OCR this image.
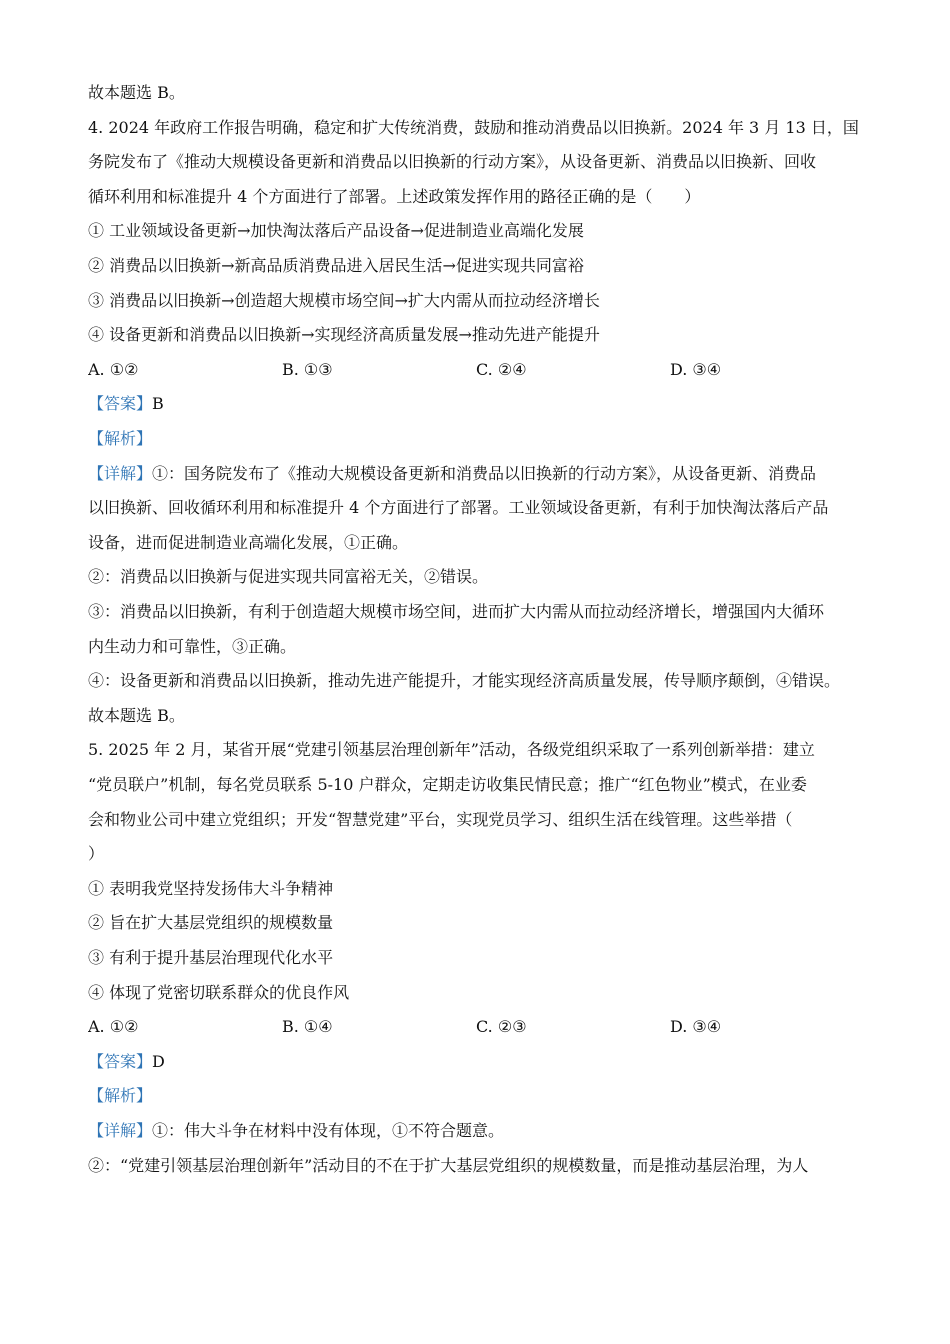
故本题选 B。
4. 2024 年政府工作报告明确，稳定和扩大传统消费，鼓励和推动消费品以旧换新。2024 年 3 月 13 日，国
务院发布了《推动大规模设备更新和消费品以旧换新的行动方案》，从设备更新、消费品以旧换新、回收
循环利用和标准提升 4 个方面进行了部署。上述政策发挥作用的路径正确的是（　　）
① 工业领域设备更新→加快淘汰落后产品设备→促进制造业高端化发展
② 消费品以旧换新→新高品质消费品进入居民生活→促进实现共同富裕
③ 消费品以旧换新→创造超大规模市场空间→扩大内需从而拉动经济增长
④ 设备更新和消费品以旧换新→实现经济高质量发展→推动先进产能提升
A. ①②	B. ①③	C. ②④	D. ③④
【答案】B
【解析】
【详解】①：国务院发布了《推动大规模设备更新和消费品以旧换新的行动方案》，从设备更新、消费品
以旧换新、回收循环利用和标准提升 4 个方面进行了部署。工业领域设备更新，有利于加快淘汰落后产品
设备，进而促进制造业高端化发展，①正确。
②：消费品以旧换新与促进实现共同富裕无关，②错误。
③：消费品以旧换新，有利于创造超大规模市场空间，进而扩大内需从而拉动经济增长，增强国内大循环
内生动力和可靠性，③正确。
④：设备更新和消费品以旧换新，推动先进产能提升，才能实现经济高质量发展，传导顺序颠倒，④错误。
故本题选 B。
5. 2025 年 2 月，某省开展“党建引领基层治理创新年”活动，各级党组织采取了一系列创新举措：建立
“党员联户”机制，每名党员联系 5-10 户群众，定期走访收集民情民意；推广“红色物业”模式，在业委
会和物业公司中建立党组织；开发“智慧党建”平台，实现党员学习、组织生活在线管理。这些举措（
）
① 表明我党坚持发扬伟大斗争精神
② 旨在扩大基层党组织的规模数量
③ 有利于提升基层治理现代化水平
④ 体现了党密切联系群众的优良作风
A. ①②	B. ①④	C. ②③	D. ③④
【答案】D
【解析】
【详解】①：伟大斗争在材料中没有体现，①不符合题意。
②：“党建引领基层治理创新年”活动目的不在于扩大基层党组织的规模数量，而是推动基层治理，为人
